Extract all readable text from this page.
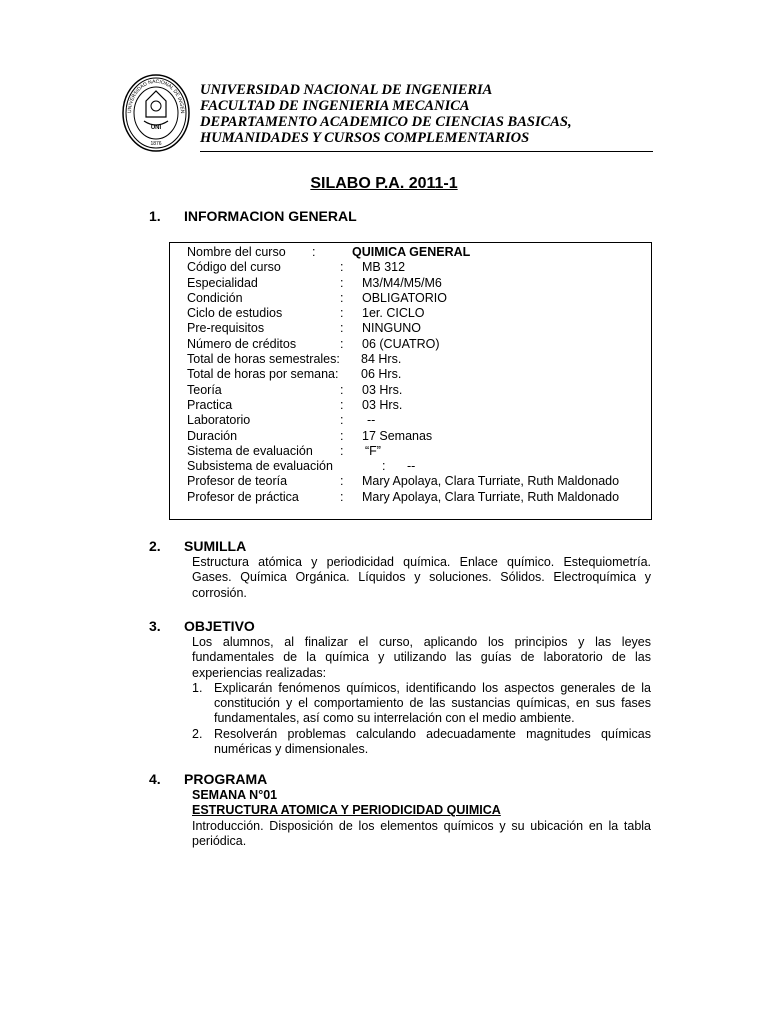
UNIVERSIDAD NACIONAL DE INGEN
UNI
1876
UNIVERSIDAD NACIONAL DE INGENIERIA
FACULTAD DE INGENIERIA MECANICA
DEPARTAMENTO ACADEMICO DE CIENCIAS BASICAS,
HUMANIDADES Y CURSOS COMPLEMENTARIOS
SILABO P.A. 2011-1
1. INFORMACION GENERAL
Nombre del curso :	QUIMICA GENERAL
Código del curso	: MB 312
Especialidad	: M3/M4/M5/M6
Condición	: OBLIGATORIO
Ciclo de estudios	: 1er. CICLO
Pre-requisitos	: NINGUNO
Número de créditos	: 06 (CUATRO)
Total de horas semestrales: 84 Hrs.
Total de horas por semana: 06 Hrs.
Teoría	: 03 Hrs.
Practica	: 03 Hrs.
Laboratorio	: --
Duración	: 17 Semanas
Sistema de evaluación : “F”
Subsistema de evaluación	: --
Profesor de teoría	: Mary Apolaya, Clara Turriate, Ruth Maldonado
Profesor de práctica	: Mary Apolaya, Clara Turriate, Ruth Maldonado
2. SUMILLA
Estructura atómica y periodicidad química. Enlace químico. Estequiometría.
Gases. Química Orgánica. Líquidos y soluciones. Sólidos. Electroquímica y
corrosión.
3. OBJETIVO
Los alumnos, al finalizar el curso, aplicando los principios y las leyes
fundamentales de la química y utilizando las guías de laboratorio de las
experiencias realizadas:
1. Explicarán fenómenos químicos, identificando los aspectos generales de la
constitución y el comportamiento de las sustancias químicas, en sus fases
fundamentales, así como su interrelación con el medio ambiente.
2. Resolverán problemas calculando adecuadamente magnitudes químicas
numéricas y dimensionales.
4. PROGRAMA
SEMANA N°01
ESTRUCTURA ATOMICA Y PERIODICIDAD QUIMICA
Introducción. Disposición de los elementos químicos y su ubicación en la tabla
periódica.
